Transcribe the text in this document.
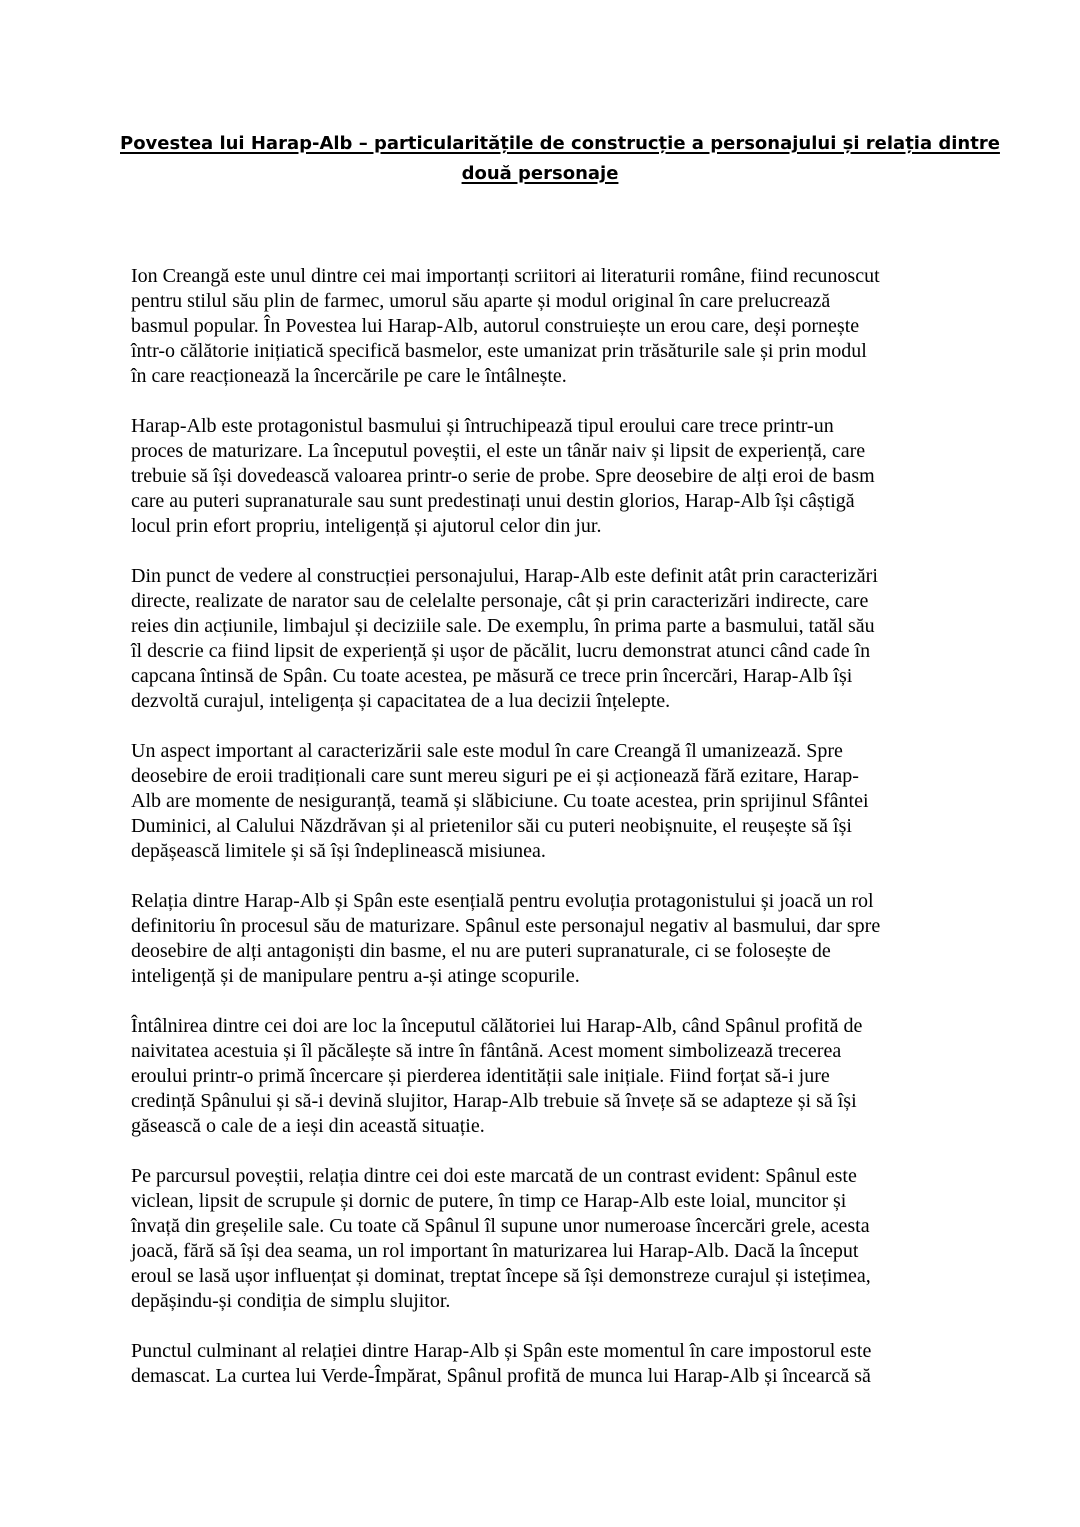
Povestea lui Harap-Alb – particularitățile de construcție a personajului și relația dintre
două personaje
Ion Creangă este unul dintre cei mai importanți scriitori ai literaturii române, fiind recunoscut
pentru stilul său plin de farmec, umorul său aparte și modul original în care prelucrează
basmul popular. În Povestea lui Harap-Alb, autorul construiește un erou care, deși pornește
într-o călătorie inițiatică specifică basmelor, este umanizat prin trăsăturile sale și prin modul
în care reacționează la încercările pe care le întâlnește.
Harap-Alb este protagonistul basmului și întruchipează tipul eroului care trece printr-un
proces de maturizare. La începutul poveștii, el este un tânăr naiv și lipsit de experiență, care
trebuie să își dovedească valoarea printr-o serie de probe. Spre deosebire de alți eroi de basm
care au puteri supranaturale sau sunt predestinați unui destin glorios, Harap-Alb își câștigă
locul prin efort propriu, inteligență și ajutorul celor din jur.
Din punct de vedere al construcției personajului, Harap-Alb este definit atât prin caracterizări
directe, realizate de narator sau de celelalte personaje, cât și prin caracterizări indirecte, care
reies din acțiunile, limbajul și deciziile sale. De exemplu, în prima parte a basmului, tatăl său
îl descrie ca fiind lipsit de experiență și ușor de păcălit, lucru demonstrat atunci când cade în
capcana întinsă de Spân. Cu toate acestea, pe măsură ce trece prin încercări, Harap-Alb își
dezvoltă curajul, inteligența și capacitatea de a lua decizii înțelepte.
Un aspect important al caracterizării sale este modul în care Creangă îl umanizează. Spre
deosebire de eroii tradiționali care sunt mereu siguri pe ei și acționează fără ezitare, Harap-
Alb are momente de nesiguranță, teamă și slăbiciune. Cu toate acestea, prin sprijinul Sfântei
Duminici, al Calului Năzdrăvan și al prietenilor săi cu puteri neobișnuite, el reușește să își
depășească limitele și să își îndeplinească misiunea.
Relația dintre Harap-Alb și Spân este esențială pentru evoluția protagonistului și joacă un rol
definitoriu în procesul său de maturizare. Spânul este personajul negativ al basmului, dar spre
deosebire de alți antagoniști din basme, el nu are puteri supranaturale, ci se folosește de
inteligență și de manipulare pentru a-și atinge scopurile.
Întâlnirea dintre cei doi are loc la începutul călătoriei lui Harap-Alb, când Spânul profită de
naivitatea acestuia și îl păcălește să intre în fântână. Acest moment simbolizează trecerea
eroului printr-o primă încercare și pierderea identității sale inițiale. Fiind forțat să-i jure
credință Spânului și să-i devină slujitor, Harap-Alb trebuie să învețe să se adapteze și să își
găsească o cale de a ieși din această situație.
Pe parcursul poveștii, relația dintre cei doi este marcată de un contrast evident: Spânul este
viclean, lipsit de scrupule și dornic de putere, în timp ce Harap-Alb este loial, muncitor și
învață din greșelile sale. Cu toate că Spânul îl supune unor numeroase încercări grele, acesta
joacă, fără să își dea seama, un rol important în maturizarea lui Harap-Alb. Dacă la început
eroul se lasă ușor influențat și dominat, treptat începe să își demonstreze curajul și istețimea,
depășindu-și condiția de simplu slujitor.
Punctul culminant al relației dintre Harap-Alb și Spân este momentul în care impostorul este
demascat. La curtea lui Verde-Împărat, Spânul profită de munca lui Harap-Alb și încearcă să
